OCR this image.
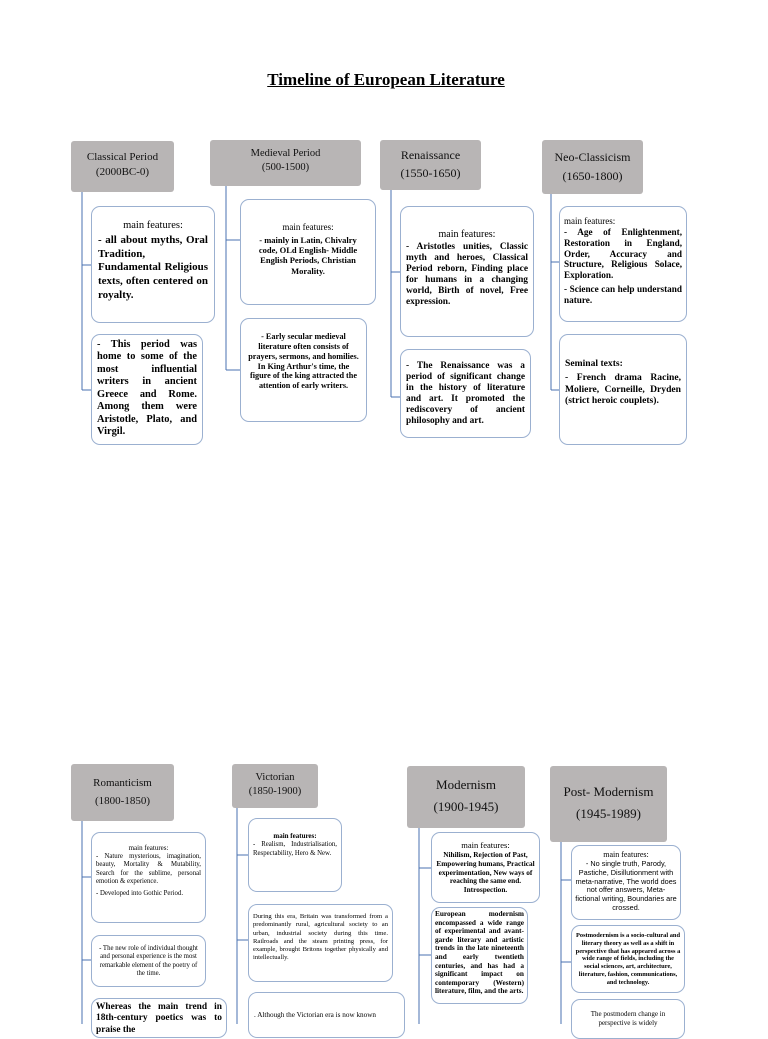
Timeline of European Literature
Classical Period
(2000BC-0)
main features:

- all about myths, Oral Tradition, Fundamental Religious texts, often centered on royalty.

- This period was home to some of the most influential writers in ancient Greece and Rome. Among them were Aristotle, Plato, and Virgil.

Medieval Period
(500-1500)
main features:

- mainly in Latin, Chivalry code, OLd English- Middle English Periods, Christian Morality.

- Early secular medieval literature often consists of prayers, sermons, and homilies. In King Arthur's time, the figure of the king attracted the attention of early writers.

Renaissance
(1550-1650)
main features:

- Aristotles unities, Classic myth and heroes, Classical Period reborn, Finding place for humans in a changing world, Birth of novel, Free expression.

- The Renaissance was a period of significant change in the history of literature and art. It promoted the rediscovery of ancient philosophy and art.

Neo-Classicism
(1650-1800)
main features:

- Age of Enlightenment, Restoration in England, Order, Accuracy and Structure, Religious Solace, Exploration.

- Science can help understand nature.

Seminal texts:

- French drama Racine, Moliere, Corneille, Dryden (strict heroic couplets).

Romanticism
(1800-1850)
main features:

- Nature mysterious, imagination, beauty, Mortality & Mutability, Search for the sublime, personal emotion & experience.

- Developed into Gothic Period.

- The new role of individual thought and personal experience is the most remarkable element of the poetry of the time.

Whereas the main trend in 18th-century poetics was to praise the

Victorian
(1850-1900)
main features:

- Realism, Industrialisation, Respectability, Hero & New.

During this era, Britain was transformed from a predominantly rural, agricultural society to an urban, industrial society during this time. Railroads and the steam printing press, for example, brought Britons together physically and intellectually.

. Although the Victorian era is now known

Modernism
(1900-1945)
main features:

Nihilism, Rejection of Past, Empowering humans, Practical experimentation, New ways of reaching the same end. Introspection.

European modernism encompassed a wide range of experimental and avant-garde literary and artistic trends in the late nineteenth and early twentieth centuries, and has had a significant impact on contemporary (Western) literature, film, and the arts.

Post- Modernism
(1945-1989)
main features:

- No single truth, Parody, Pastiche, Disillutionment with meta-narrative, The world does not offer answers, Meta-fictional writing, Boundaries are crossed.

Postmodernism is a socio-cultural and literary theory as well as a shift in perspective that has appeared across a wide range of fields, including the social sciences, art, architecture, literature, fashion, communications, and technology.

The postmodern change in perspective is widely
